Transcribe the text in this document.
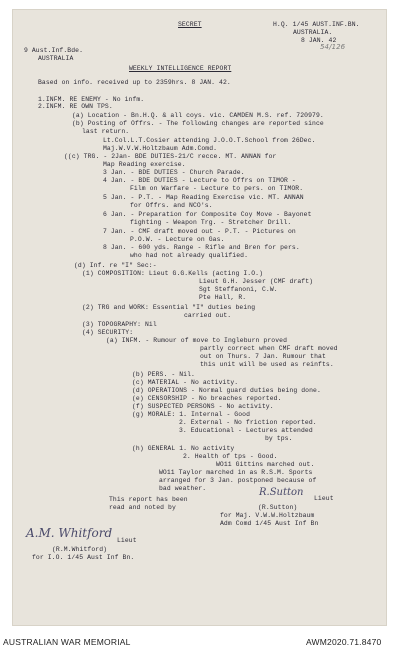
SECRET	H.Q. 1/45 AUST.INF.BN.
AUSTRALIA.
8 JAN. 42
54/126
9 Aust.Inf.Bde.
AUSTRALIA
WEEKLY INTELLIGENCE REPORT
Based on info. received up to 2359hrs. 8 JAN. 42.
1.INFM. RE ENEMY - No infm.
2.INFM. RE OWN TPS.
(a) Location - Bn.H.Q. & all coys. vic. CAMDEN M.S. ref. 720979.
(b) Posting of Offrs. - The following changes are reported since
last return.
Lt.Col.L.T.Cosier attending J.O.O.T.School from 26Dec.
Maj.W.V.W.Holtzbaum Adm.Comd.
((c) TRG. - 2Jan- BDE DUTIES-21/C recce. MT. ANNAN for
Map Reading exercise.
3 Jan. - BDE DUTIES - Church Parade.
4 Jan. - BDE DUTIES - Lecture to Offrs on TIMOR -
Film on Warfare - Lecture to pers. on TIMOR.
5 Jan. - P.T. - Map Reading Exercise vic. MT. ANNAN
for Offrs. and NCO's.
6 Jan. - Preparation for Composite Coy Move - Bayonet
fighting - Weapon Trg. - Stretcher Drill.
7 Jan. - CMF draft moved out - P.T. - Pictures on
P.O.W. - Lecture on Gas.
8 Jan. - 600 yds. Range - Rifle and Bren for pers.
who had not already qualified.
(d) Inf. re "I" Sec:-
(1) COMPOSITION: Lieut G.G.Kells (acting I.O.)
Lieut G.H. Jesser (CMF draft)
Sgt Steffanoni, C.W.
Pte Hall, R.
(2) TRG and WORK: Essential "I" duties being
carried out.
(3) TOPOGRAPHY: Nil
(4) SECURITY:
(a) INFM. - Rumour of move to Ingleburn proved
partly correct when CMF draft moved
out on Thurs. 7 Jan. Rumour that
this unit will be used as reinfts.
(b) PERS. - Nil.
(c) MATERIAL - No activity.
(d) OPERATIONS - Normal guard duties being done.
(e) CENSORSHIP - No breaches reported.
(f) SUSPECTED PERSONS - No activity.
(g) MORALE: 1. Internal - Good
2. External - No friction reported.
3. Educational - Lectures attended
by tps.
(h) GENERAL 1. No activity
2. Health of tps - Good.
WO11 Gittins marched out.
WO11 Taylor marched in as R.S.M. Sports
arranged for 3 Jan. postponed because of
bad weather.
This report has been
read and noted by
R.Sutton
Lieut
(R.Sutton)
for Maj. V.W.W.Holtzbaum
Adm Comd 1/45 Aust Inf Bn
A.M. Whitford
Lieut
(R.M.Whitford)
for I.O. 1/45 Aust Inf Bn.
AUSTRALIAN WAR MEMORIAL	AWM2020.71.8470
